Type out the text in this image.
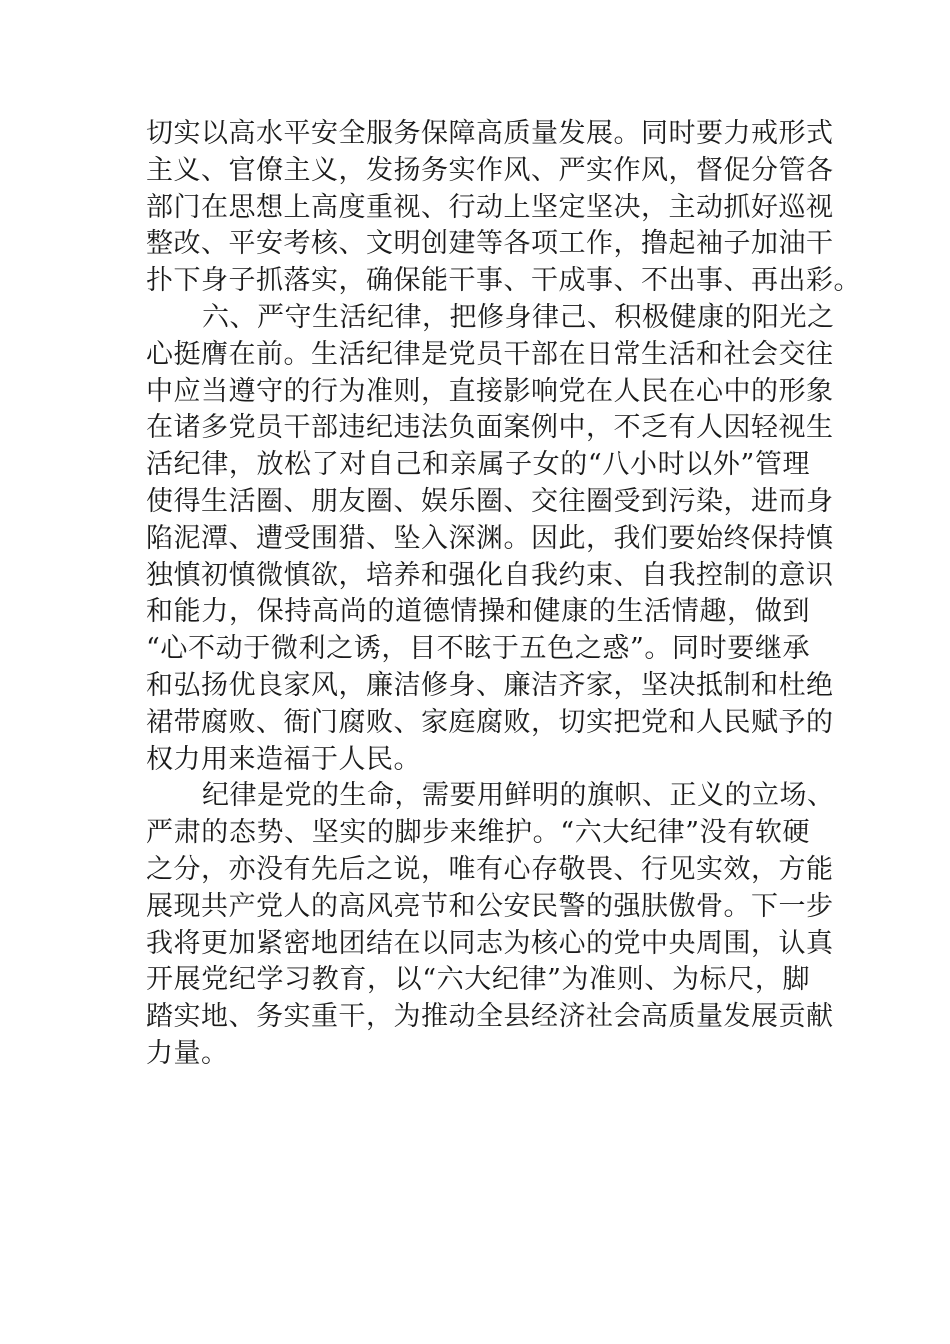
切实以高水平安全服务保障高质量发展。同时要力戒形式
主义、官僚主义，发扬务实作风、严实作风，督促分管各
部门在思想上高度重视、行动上坚定坚决，主动抓好巡视
整改、平安考核、文明创建等各项工作，撸起袖子加油干
扑下身子抓落实，确保能干事、干成事、不出事、再出彩。
六、严守生活纪律，把修身律己、积极健康的阳光之
心挺膺在前。生活纪律是党员干部在日常生活和社会交往
中应当遵守的行为准则，直接影响党在人民在心中的形象
在诸多党员干部违纪违法负面案例中，不乏有人因轻视生
活纪律，放松了对自己和亲属子女的“八小时以外”管理
使得生活圈、朋友圈、娱乐圈、交往圈受到污染，进而身
陷泥潭、遭受围猎、坠入深渊。因此，我们要始终保持慎
独慎初慎微慎欲，培养和强化自我约束、自我控制的意识
和能力，保持高尚的道德情操和健康的生活情趣，做到
“心不动于微利之诱，目不眩于五色之惑”。同时要继承
和弘扬优良家风，廉洁修身、廉洁齐家，坚决抵制和杜绝
裙带腐败、衙门腐败、家庭腐败，切实把党和人民赋予的
权力用来造福于人民。
纪律是党的生命，需要用鲜明的旗帜、正义的立场、
严肃的态势、坚实的脚步来维护。“六大纪律”没有软硬
之分，亦没有先后之说，唯有心存敬畏、行见实效，方能
展现共产党人的高风亮节和公安民警的强肤傲骨。下一步
我将更加紧密地团结在以同志为核心的党中央周围，认真
开展党纪学习教育，以“六大纪律”为准则、为标尺，脚
踏实地、务实重干，为推动全县经济社会高质量发展贡献
力量。
